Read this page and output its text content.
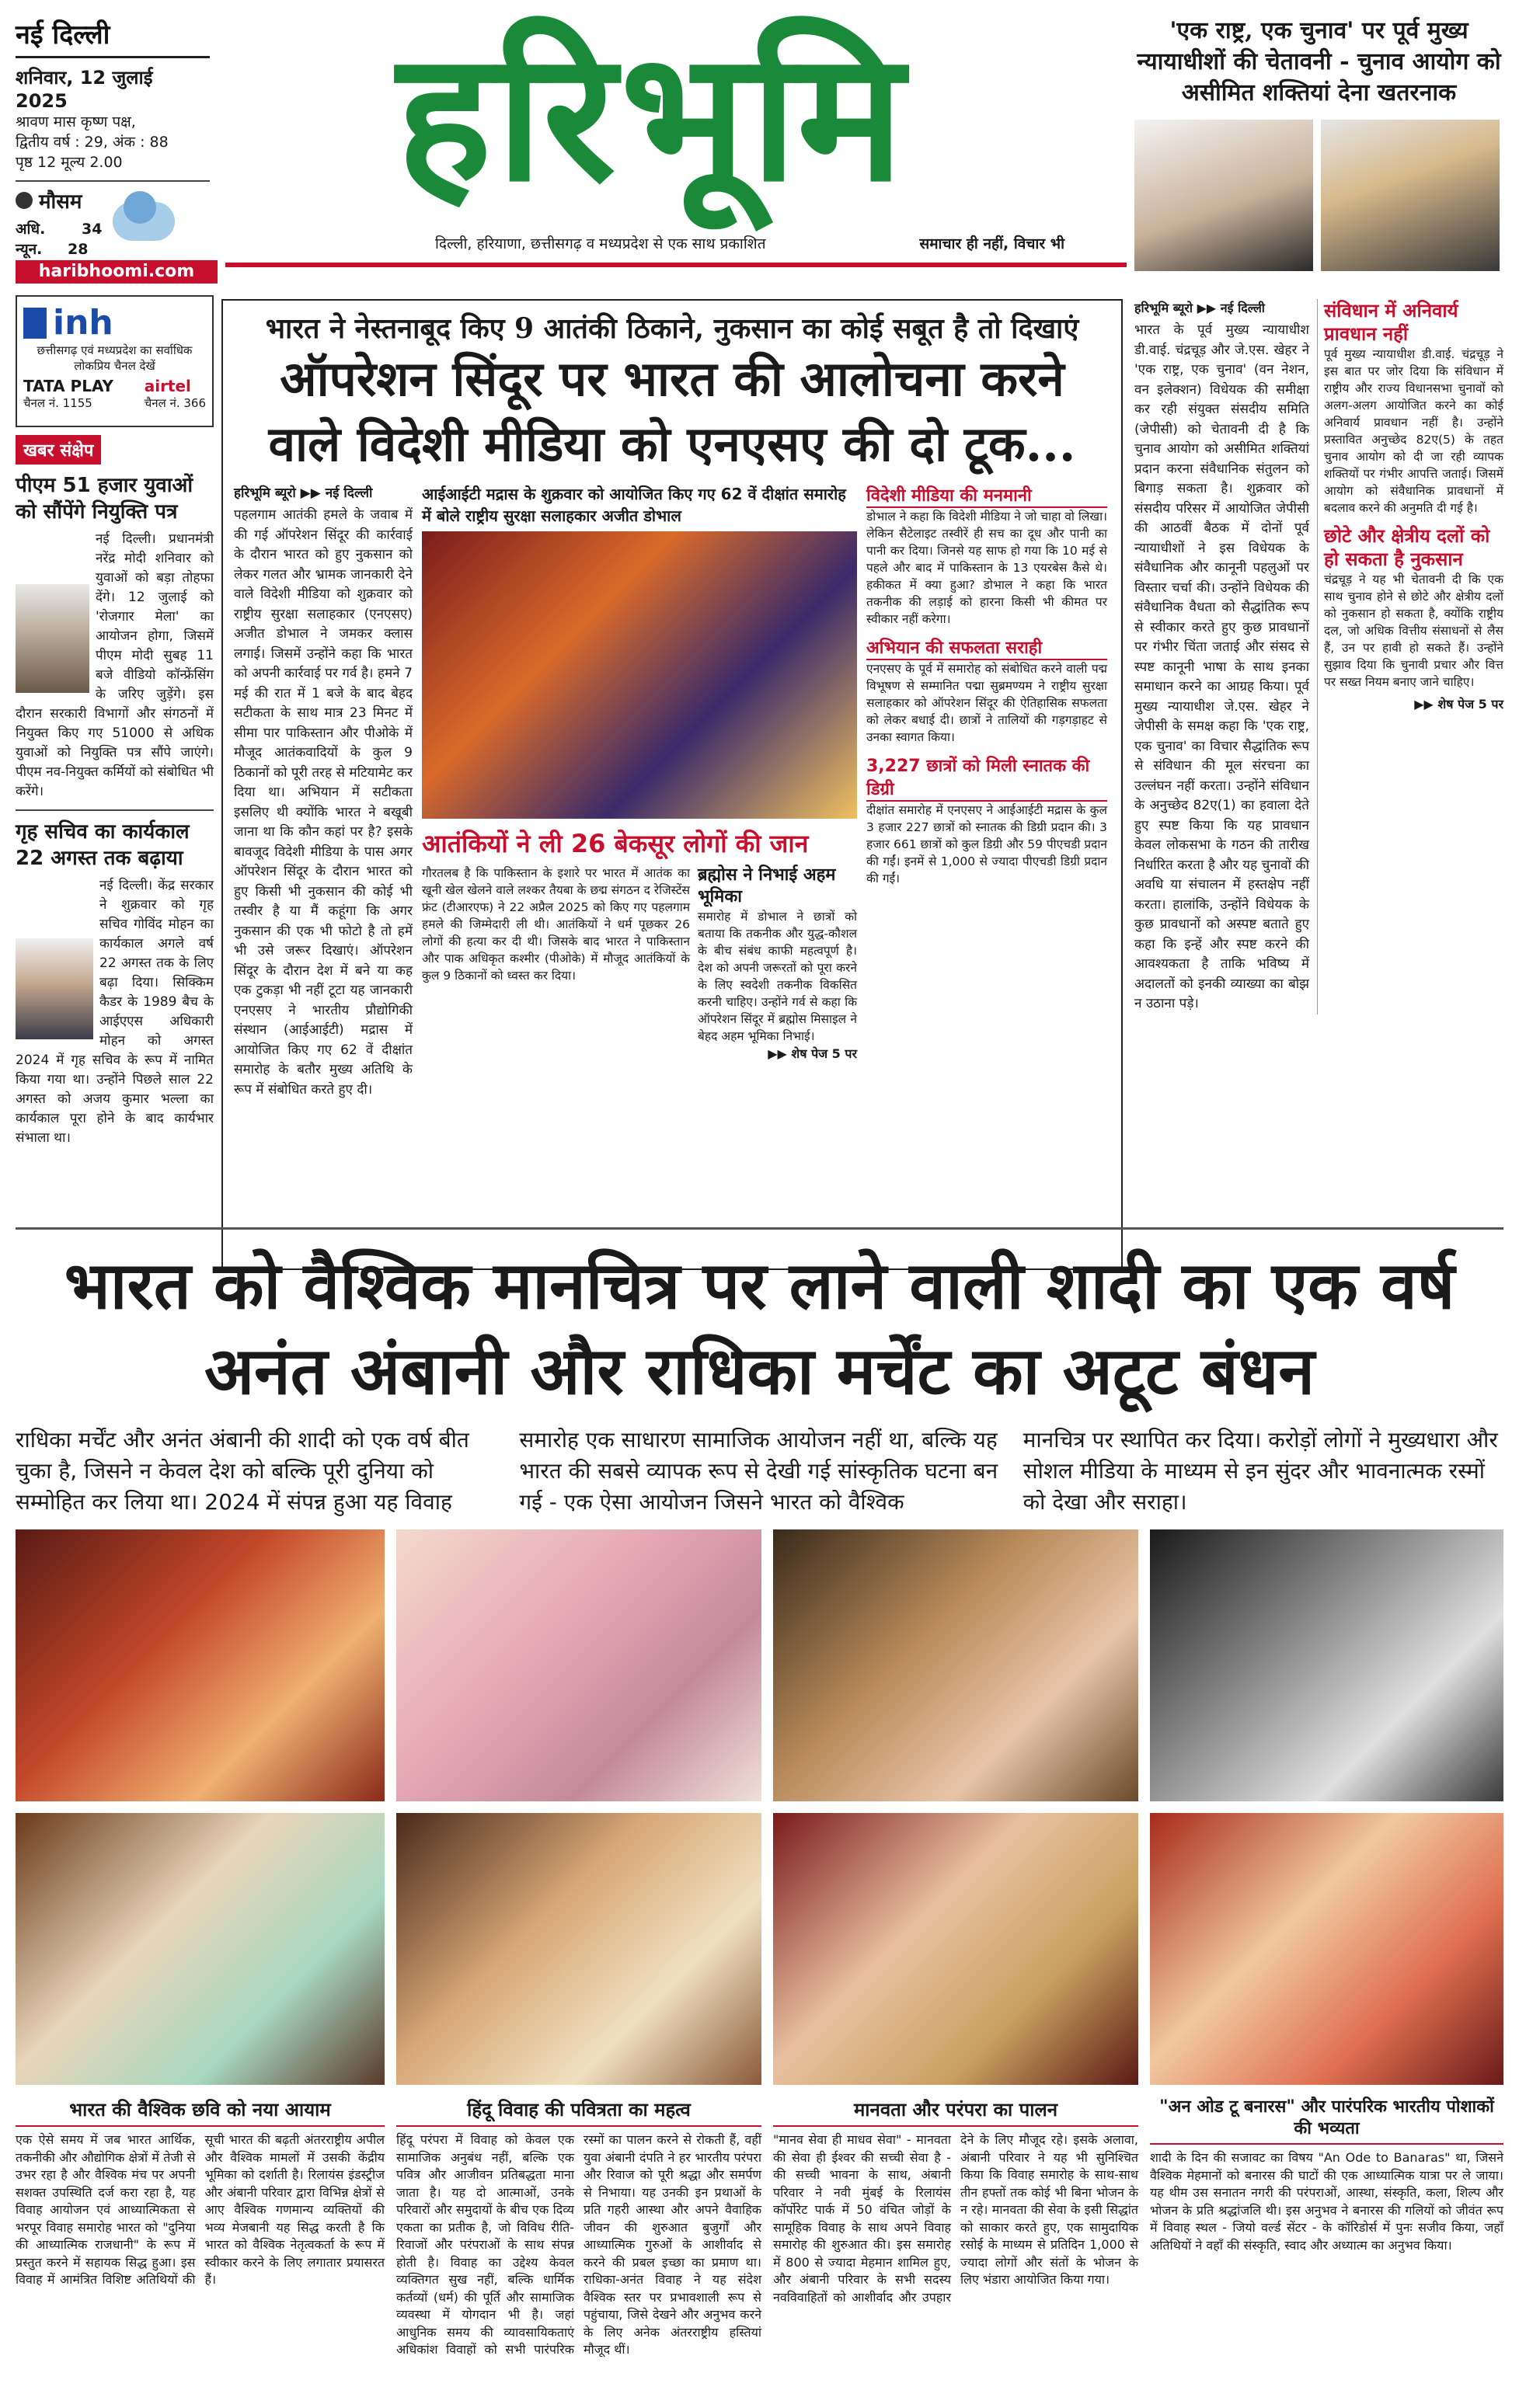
नई दिल्ली
शनिवार, 12 जुलाई 2025
श्रावण मास कृष्ण पक्ष,
द्वितीय वर्ष : 29, अंक : 88
पृष्ठ 12 मूल्य 2.00
मौसम
अधि. 34
न्यून. 28
हरिभूमि
दिल्ली, हरियाणा, छत्तीसगढ़ व मध्यप्रदेश से एक साथ प्रकाशित	समाचार ही नहीं, विचार भी
haribhoomi.com
'एक राष्ट्र, एक चुनाव' पर पूर्व मुख्य न्यायाधीशों की चेतावनी - चुनाव आयोग को असीमित शक्तियां देना खतरनाक
inh
छत्तीसगढ़ एवं मध्यप्रदेश का सर्वाधिक लोकप्रिय चैनल देखें
TATA PLAY
चैनल नं. 1155
airtel
चैनल नं. 366
खबर संक्षेप
पीएम 51 हजार युवाओं को सौंपेंगे नियुक्ति पत्र
नई दिल्ली। प्रधानमंत्री नरेंद्र मोदी शनिवार को युवाओं को बड़ा तोहफा देंगे। 12 जुलाई को 'रोजगार मेला' का आयोजन होगा, जिसमें पीएम मोदी सुबह 11 बजे वीडियो कॉन्फ्रेंसिंग के जरिए जुड़ेंगे। इस दौरान सरकारी विभागों और संगठनों में नियुक्त किए गए 51000 से अधिक युवाओं को नियुक्ति पत्र सौंपे जाएंगे। पीएम नव-नियुक्त कर्मियों को संबोधित भी करेंगे।
गृह सचिव का कार्यकाल 22 अगस्त तक बढ़ाया
नई दिल्ली। केंद्र सरकार ने शुक्रवार को गृह सचिव गोविंद मोहन का कार्यकाल अगले वर्ष 22 अगस्त तक के लिए बढ़ा दिया। सिक्किम कैडर के 1989 बैच के आईएएस अधिकारी मोहन को अगस्त 2024 में गृह सचिव के रूप में नामित किया गया था। उन्होंने पिछले साल 22 अगस्त को अजय कुमार भल्ला का कार्यकाल पूरा होने के बाद कार्यभार संभाला था।
भारत ने नेस्तनाबूद किए 9 आतंकी ठिकाने, नुकसान का कोई सबूत है तो दिखाएं
ऑपरेशन सिंदूर पर भारत की आलोचना करने
वाले विदेशी मीडिया को एनएसए की दो टूक...
हरिभूमि ब्यूरो ▶▶ नई दिल्ली
पहलगाम आतंकी हमले के जवाब में की गई ऑपरेशन सिंदूर की कार्रवाई के दौरान भारत को हुए नुकसान को लेकर गलत और भ्रामक जानकारी देने वाले विदेशी मीडिया को शुक्रवार को राष्ट्रीय सुरक्षा सलाहकार (एनएसए) अजीत डोभाल ने जमकर क्लास लगाई। जिसमें उन्होंने कहा कि भारत को अपनी कार्रवाई पर गर्व है। हमने 7 मई की रात में 1 बजे के बाद बेहद सटीकता के साथ मात्र 23 मिनट में सीमा पार पाकिस्तान और पीओके में मौजूद आतंकवादियों के कुल 9 ठिकानों को पूरी तरह से मटियामेट कर दिया था। अभियान में सटीकता इसलिए थी क्योंकि भारत ने बखूबी जाना था कि कौन कहां पर है? इसके बावजूद विदेशी मीडिया के पास अगर ऑपरेशन सिंदूर के दौरान भारत को हुए किसी भी नुकसान की कोई भी तस्वीर है या मैं कहूंगा कि अगर नुकसान की एक भी फोटो है तो हमें भी उसे जरूर दिखाएं। ऑपरेशन सिंदूर के दौरान देश में बने या कह एक टुकड़ा भी नहीं टूटा यह जानकारी एनएसए ने भारतीय प्रौद्योगिकी संस्थान (आईआईटी) मद्रास में आयोजित किए गए 62 वें दीक्षांत समारोह के बतौर मुख्य अतिथि के रूप में संबोधित करते हुए दी।
आईआईटी मद्रास के शुक्रवार को आयोजित किए गए 62 वें दीक्षांत समारोह में बोले राष्ट्रीय सुरक्षा सलाहकार अजीत डोभाल
आतंकियों ने ली 26 बेकसूर लोगों की जान
गौरतलब है कि पाकिस्तान के इशारे पर भारत में आतंक का खूनी खेल खेलने वाले लश्कर तैयबा के छद्म संगठन द रेजिस्टेंस फ्रंट (टीआरएफ) ने 22 अप्रैल 2025 को किए गए पहलगाम हमले की जिम्मेदारी ली थी। आतंकियों ने धर्म पूछकर 26 लोगों की हत्या कर दी थी। जिसके बाद भारत ने पाकिस्तान और पाक अधिकृत कश्मीर (पीओके) में मौजूद आतंकियों के कुल 9 ठिकानों को ध्वस्त कर दिया।
ब्रह्मोस ने निभाई अहम भूमिका
समारोह में डोभाल ने छात्रों को बताया कि तकनीक और युद्ध-कौशल के बीच संबंध काफी महत्वपूर्ण है। देश को अपनी जरूरतों को पूरा करने के लिए स्वदेशी तकनीक विकसित करनी चाहिए। उन्होंने गर्व से कहा कि ऑपरेशन सिंदूर में ब्रह्मोस मिसाइल ने बेहद अहम भूमिका निभाई।
▶▶ शेष पेज 5 पर
विदेशी मीडिया की मनमानी
डोभाल ने कहा कि विदेशी मीडिया ने जो चाहा वो लिखा। लेकिन सैटेलाइट तस्वीरें ही सच का दूध और पानी का पानी कर दिया। जिनसे यह साफ हो गया कि 10 मई से पहले और बाद में पाकिस्तान के 13 एयरबेस कैसे थे। हकीकत में क्या हुआ? डोभाल ने कहा कि भारत तकनीक की लड़ाई को हारना किसी भी कीमत पर स्वीकार नहीं करेगा।
अभियान की सफलता सराही
एनएसए के पूर्व में समारोह को संबोधित करने वाली पद्म विभूषण से सम्मानित पद्मा सुब्रमण्यम ने राष्ट्रीय सुरक्षा सलाहकार को ऑपरेशन सिंदूर की ऐतिहासिक सफलता को लेकर बधाई दी। छात्रों ने तालियों की गड़गड़ाहट से उनका स्वागत किया।
3,227 छात्रों को मिली स्नातक की डिग्री
दीक्षांत समारोह में एनएसए ने आईआईटी मद्रास के कुल 3 हजार 227 छात्रों को स्नातक की डिग्री प्रदान की। 3 हजार 661 छात्रों को कुल डिग्री और 59 पीएचडी प्रदान की गईं। इनमें से 1,000 से ज्यादा पीएचडी डिग्री प्रदान की गईं।
हरिभूमि ब्यूरो ▶▶ नई दिल्ली
भारत के पूर्व मुख्य न्यायाधीश डी.वाई. चंद्रचूड़ और जे.एस. खेहर ने 'एक राष्ट्र, एक चुनाव' (वन नेशन, वन इलेक्शन) विधेयक की समीक्षा कर रही संयुक्त संसदीय समिति (जेपीसी) को चेतावनी दी है कि चुनाव आयोग को असीमित शक्तियां प्रदान करना संवैधानिक संतुलन को बिगाड़ सकता है। शुक्रवार को संसदीय परिसर में आयोजित जेपीसी की आठवीं बैठक में दोनों पूर्व न्यायाधीशों ने इस विधेयक के संवैधानिक और कानूनी पहलुओं पर विस्तार चर्चा की। उन्होंने विधेयक की संवैधानिक वैधता को सैद्धांतिक रूप से स्वीकार करते हुए कुछ प्रावधानों पर गंभीर चिंता जताई और संसद से स्पष्ट कानूनी भाषा के साथ इनका समाधान करने का आग्रह किया। पूर्व मुख्य न्यायाधीश जे.एस. खेहर ने जेपीसी के समक्ष कहा कि 'एक राष्ट्र, एक चुनाव' का विचार सैद्धांतिक रूप से संविधान की मूल संरचना का उल्लंघन नहीं करता। उन्होंने संविधान के अनुच्छेद 82ए(1) का हवाला देते हुए स्पष्ट किया कि यह प्रावधान केवल लोकसभा के गठन की तारीख निर्धारित करता है और यह चुनावों की अवधि या संचालन में हस्तक्षेप नहीं करता। हालांकि, उन्होंने विधेयक के कुछ प्रावधानों को अस्पष्ट बताते हुए कहा कि इन्हें और स्पष्ट करने की आवश्यकता है ताकि भविष्य में अदालतों को इनकी व्याख्या का बोझ न उठाना पड़े।
संविधान में अनिवार्य प्रावधान नहीं
पूर्व मुख्य न्यायाधीश डी.वाई. चंद्रचूड़ ने इस बात पर जोर दिया कि संविधान में राष्ट्रीय और राज्य विधानसभा चुनावों को अलग-अलग आयोजित करने का कोई अनिवार्य प्रावधान नहीं है। उन्होंने प्रस्तावित अनुच्छेद 82ए(5) के तहत चुनाव आयोग को दी जा रही व्यापक शक्तियों पर गंभीर आपत्ति जताई। जिसमें आयोग को संवैधानिक प्रावधानों में बदलाव करने की अनुमति दी गई है।
छोटे और क्षेत्रीय दलों को हो सकता है नुकसान
चंद्रचूड़ ने यह भी चेतावनी दी कि एक साथ चुनाव होने से छोटे और क्षेत्रीय दलों को नुकसान हो सकता है, क्योंकि राष्ट्रीय दल, जो अधिक वित्तीय संसाधनों से लैस हैं, उन पर हावी हो सकते हैं। उन्होंने सुझाव दिया कि चुनावी प्रचार और वित्त पर सख्त नियम बनाए जाने चाहिए।
▶▶ शेष पेज 5 पर
भारत को वैश्विक मानचित्र पर लाने वाली शादी का एक वर्ष
अनंत अंबानी और राधिका मर्चेंट का अटूट बंधन
राधिका मर्चेंट और अनंत अंबानी की शादी को एक वर्ष बीत चुका है, जिसने न केवल देश को बल्कि पूरी दुनिया को सम्मोहित कर लिया था। 2024 में संपन्न हुआ यह विवाह
समारोह एक साधारण सामाजिक आयोजन नहीं था, बल्कि यह भारत की सबसे व्यापक रूप से देखी गई सांस्कृतिक घटना बन गई - एक ऐसा आयोजन जिसने भारत को वैश्विक
मानचित्र पर स्थापित कर दिया। करोड़ों लोगों ने मुख्यधारा और सोशल मीडिया के माध्यम से इन सुंदर और भावनात्मक रस्मों को देखा और सराहा।
भारत की वैश्विक छवि को नया आयाम
एक ऐसे समय में जब भारत आर्थिक, तकनीकी और औद्योगिक क्षेत्रों में तेजी से उभर रहा है और वैश्विक मंच पर अपनी सशक्त उपस्थिति दर्ज करा रहा है, यह विवाह आयोजन एवं आध्यात्मिकता से भरपूर विवाह समारोह भारत को "दुनिया की आध्यात्मिक राजधानी" के रूप में प्रस्तुत करने में सहायक सिद्ध हुआ। इस विवाह में आमंत्रित विशिष्ट अतिथियों की सूची भारत की बढ़ती अंतरराष्ट्रीय अपील और वैश्विक मामलों में उसकी केंद्रीय भूमिका को दर्शाती है। रिलायंस इंडस्ट्रीज और अंबानी परिवार द्वारा विभिन्न क्षेत्रों से आए वैश्विक गणमान्य व्यक्तियों की भव्य मेजबानी यह सिद्ध करती है कि भारत को वैश्विक नेतृत्वकर्ता के रूप में स्वीकार करने के लिए लगातार प्रयासरत हैं।
हिंदू विवाह की पवित्रता का महत्व
हिंदू परंपरा में विवाह को केवल एक सामाजिक अनुबंध नहीं, बल्कि एक पवित्र और आजीवन प्रतिबद्धता माना जाता है। यह दो आत्माओं, उनके परिवारों और समुदायों के बीच एक दिव्य एकता का प्रतीक है, जो विविध रीति-रिवाजों और परंपराओं के साथ संपन्न होती है। विवाह का उद्देश्य केवल व्यक्तिगत सुख नहीं, बल्कि धार्मिक कर्तव्यों (धर्म) की पूर्ति और सामाजिक व्यवस्था में योगदान भी है। जहां आधुनिक समय की व्यावसायिकताएं अधिकांश विवाहों को सभी पारंपरिक रस्मों का पालन करने से रोकती हैं, वहीं युवा अंबानी दंपति ने हर भारतीय परंपरा और रिवाज को पूरी श्रद्धा और समर्पण से निभाया। यह उनकी इन प्रथाओं के प्रति गहरी आस्था और अपने वैवाहिक जीवन की शुरुआत बुजुर्गों और आध्यात्मिक गुरुओं के आशीर्वाद से करने की प्रबल इच्छा का प्रमाण था। राधिका-अनंत विवाह ने यह संदेश वैश्विक स्तर पर प्रभावशाली रूप से पहुंचाया, जिसे देखने और अनुभव करने के लिए अनेक अंतरराष्ट्रीय हस्तियां मौजूद थीं।
मानवता और परंपरा का पालन
"मानव सेवा ही माधव सेवा" - मानवता की सेवा ही ईश्वर की सच्ची सेवा है - की सच्ची भावना के साथ, अंबानी परिवार ने नवी मुंबई के रिलायंस कॉर्पोरेट पार्क में 50 वंचित जोड़ों के सामूहिक विवाह के साथ अपने विवाह समारोह की शुरुआत की। इस समारोह में 800 से ज्यादा मेहमान शामिल हुए, और अंबानी परिवार के सभी सदस्य नवविवाहितों को आशीर्वाद और उपहार देने के लिए मौजूद रहे। इसके अलावा, अंबानी परिवार ने यह भी सुनिश्चित किया कि विवाह समारोह के साथ-साथ तीन हफ्तों तक कोई भी बिना भोजन के न रहे। मानवता की सेवा के इसी सिद्धांत को साकार करते हुए, एक सामुदायिक रसोई के माध्यम से प्रतिदिन 1,000 से ज्यादा लोगों और संतों के भोजन के लिए भंडारा आयोजित किया गया।
"अन ओड टू बनारस" और पारंपरिक भारतीय पोशाकों की भव्यता
शादी के दिन की सजावट का विषय "An Ode to Banaras" था, जिसने वैश्विक मेहमानों को बनारस की घाटों की एक आध्यात्मिक यात्रा पर ले जाया। यह थीम उस सनातन नगरी की परंपराओं, आस्था, संस्कृति, कला, शिल्प और भोजन के प्रति श्रद्धांजलि थी। इस अनुभव ने बनारस की गलियों को जीवंत रूप में विवाह स्थल - जियो वर्ल्ड सेंटर - के कॉरिडोर्स में पुनः सजीव किया, जहाँ अतिथियों ने वहाँ की संस्कृति, स्वाद और अध्यात्म का अनुभव किया।
